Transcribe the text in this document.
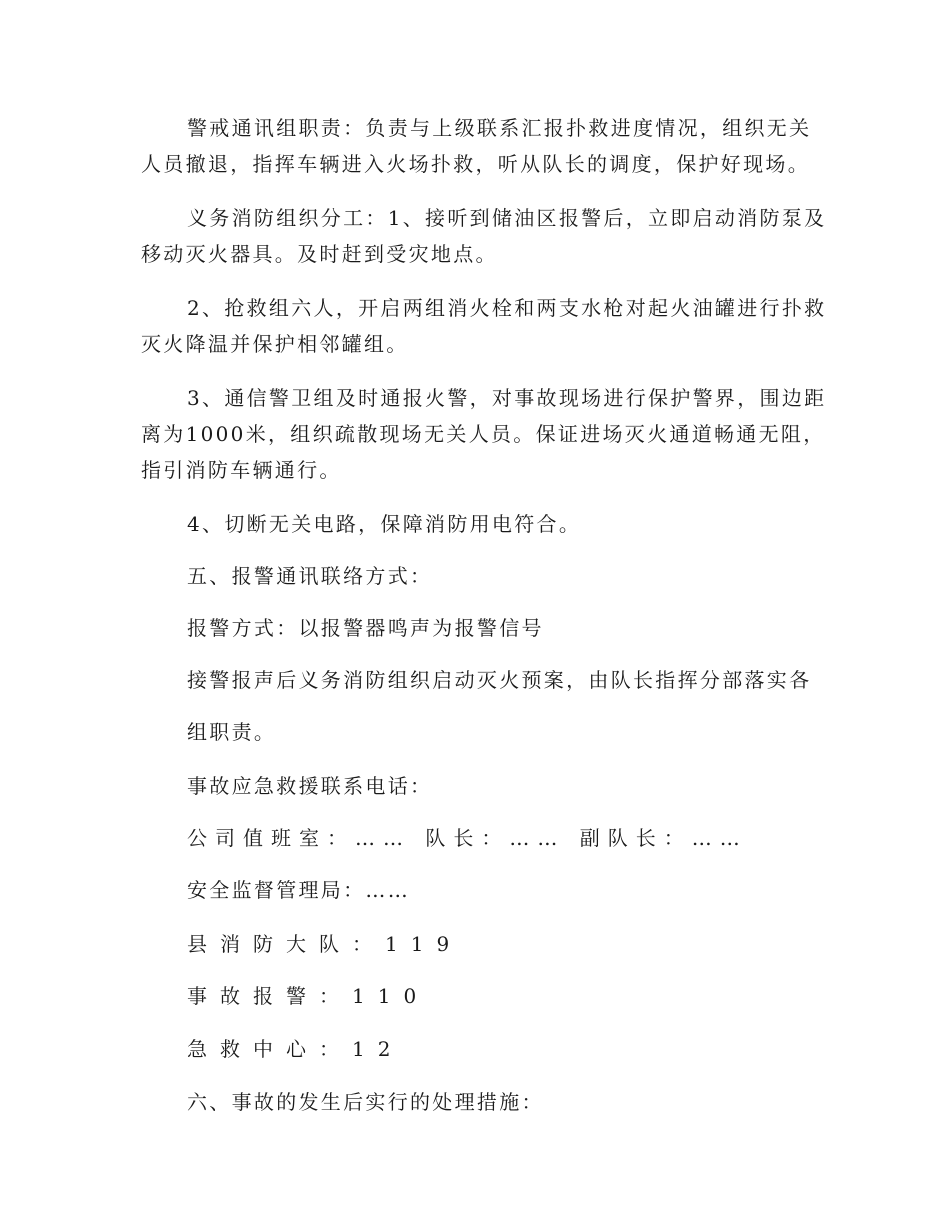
警戒通讯组职责：负责与上级联系汇报扑救进度情况，组织无关
人员撤退，指挥车辆进入火场扑救，听从队长的调度，保护好现场。
义务消防组织分工：1、接听到储油区报警后，立即启动消防泵及
移动灭火器具。及时赶到受灾地点。
2、抢救组六人，开启两组消火栓和两支水枪对起火油罐进行扑救
灭火降温并保护相邻罐组。
3、通信警卫组及时通报火警，对事故现场进行保护警界，围边距
离为1000米，组织疏散现场无关人员。保证进场灭火通道畅通无阻，
指引消防车辆通行。
4、切断无关电路，保障消防用电符合。
五、报警通讯联络方式：
报警方式：以报警器鸣声为报警信号
接警报声后义务消防组织启动灭火预案，由队长指挥分部落实各
组职责。
事故应急救援联系电话：
公司值班室：…… 队长：…… 副队长：……
安全监督管理局：……
县消防大队：119
事故报警：110
急救中心：12
六、事故的发生后实行的处理措施：
